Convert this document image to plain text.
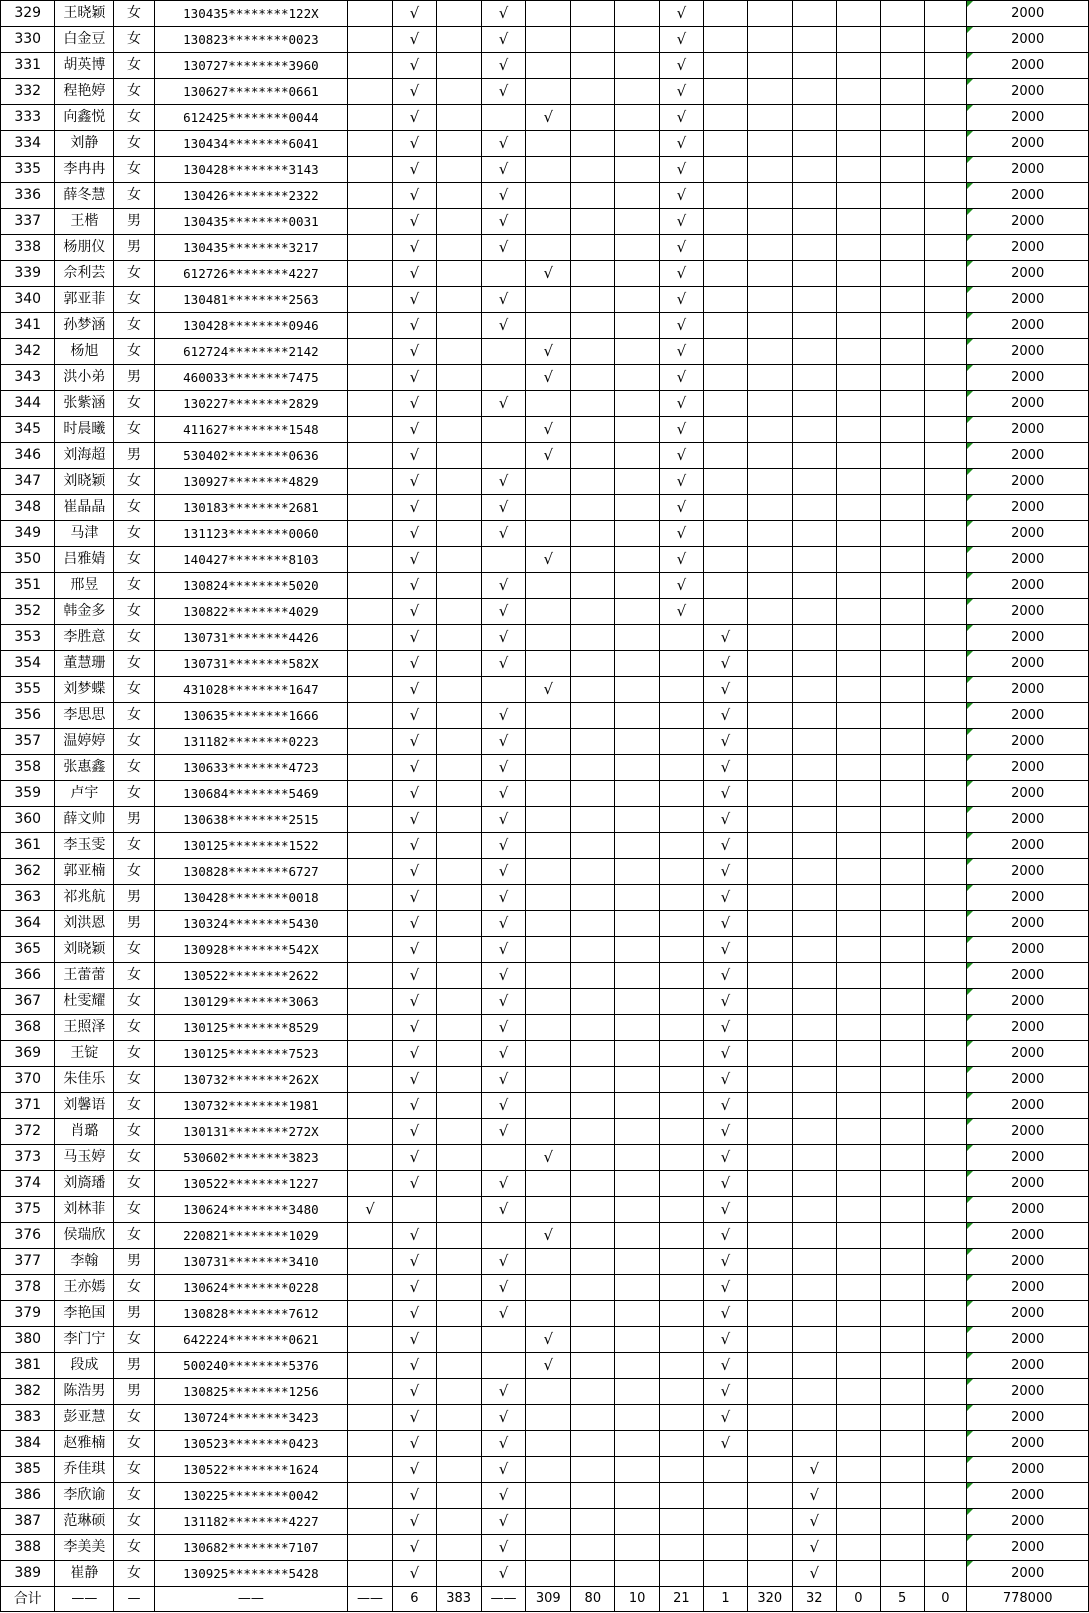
329	王晓颖	女	130435********122X		√		√				√							2000
330	白金豆	女	130823********0023		√		√				√							2000
331	胡英博	女	130727********3960		√		√				√							2000
332	程艳婷	女	130627********0661		√		√				√							2000
333	向鑫悦	女	612425********0044		√			√			√							2000
334	刘静	女	130434********6041		√		√				√							2000
335	李冉冉	女	130428********3143		√		√				√							2000
336	薛冬慧	女	130426********2322		√		√				√							2000
337	王楷	男	130435********0031		√		√				√							2000
338	杨朋仪	男	130435********3217		√		√				√							2000
339	佘利芸	女	612726********4227		√			√			√							2000
340	郭亚菲	女	130481********2563		√		√				√							2000
341	孙梦涵	女	130428********0946		√		√				√							2000
342	杨旭	女	612724********2142		√			√			√							2000
343	洪小弟	男	460033********7475		√			√			√							2000
344	张紫涵	女	130227********2829		√		√				√							2000
345	时晨曦	女	411627********1548		√			√			√							2000
346	刘海超	男	530402********0636		√			√			√							2000
347	刘晓颖	女	130927********4829		√		√				√							2000
348	崔晶晶	女	130183********2681		√		√				√							2000
349	马津	女	131123********0060		√		√				√							2000
350	吕雅婧	女	140427********8103		√			√			√							2000
351	邢昱	女	130824********5020		√		√				√							2000
352	韩金多	女	130822********4029		√		√				√							2000
353	李胜意	女	130731********4426		√		√					√						2000
354	董慧珊	女	130731********582X		√		√					√						2000
355	刘梦蝶	女	431028********1647		√			√				√						2000
356	李思思	女	130635********1666		√		√					√						2000
357	温婷婷	女	131182********0223		√		√					√						2000
358	张惠鑫	女	130633********4723		√		√					√						2000
359	卢宇	女	130684********5469		√		√					√						2000
360	薛文帅	男	130638********2515		√		√					√						2000
361	李玉雯	女	130125********1522		√		√					√						2000
362	郭亚楠	女	130828********6727		√		√					√						2000
363	祁兆航	男	130428********0018		√		√					√						2000
364	刘洪恩	男	130324********5430		√		√					√						2000
365	刘晓颖	女	130928********542X		√		√					√						2000
366	王蕾蕾	女	130522********2622		√		√					√						2000
367	杜雯耀	女	130129********3063		√		√					√						2000
368	王照泽	女	130125********8529		√		√					√						2000
369	王锭	女	130125********7523		√		√					√						2000
370	朱佳乐	女	130732********262X		√		√					√						2000
371	刘馨语	女	130732********1981		√		√					√						2000
372	肖璐	女	130131********272X		√		√					√						2000
373	马玉婷	女	530602********3823		√			√				√						2000
374	刘旖璠	女	130522********1227		√		√					√						2000
375	刘林菲	女	130624********3480	√			√					√						2000
376	侯瑞欣	女	220821********1029		√			√				√						2000
377	李翰	男	130731********3410		√		√					√						2000
378	王亦嫣	女	130624********0228		√		√					√						2000
379	李艳国	男	130828********7612		√		√					√						2000
380	李门宁	女	642224********0621		√			√				√						2000
381	段成	男	500240********5376		√			√				√						2000
382	陈浩男	男	130825********1256		√		√					√						2000
383	彭亚慧	女	130724********3423		√		√					√						2000
384	赵雅楠	女	130523********0423		√		√					√						2000
385	乔佳琪	女	130522********1624		√		√							√				2000
386	李欣谕	女	130225********0042		√		√							√				2000
387	范琳硕	女	131182********4227		√		√							√				2000
388	李美美	女	130682********7107		√		√							√				2000
389	崔静	女	130925********5428		√		√							√				2000
合计	——	—	——	——	6	383	——	309	80	10	21	1	320	32	0	5	0	778000
